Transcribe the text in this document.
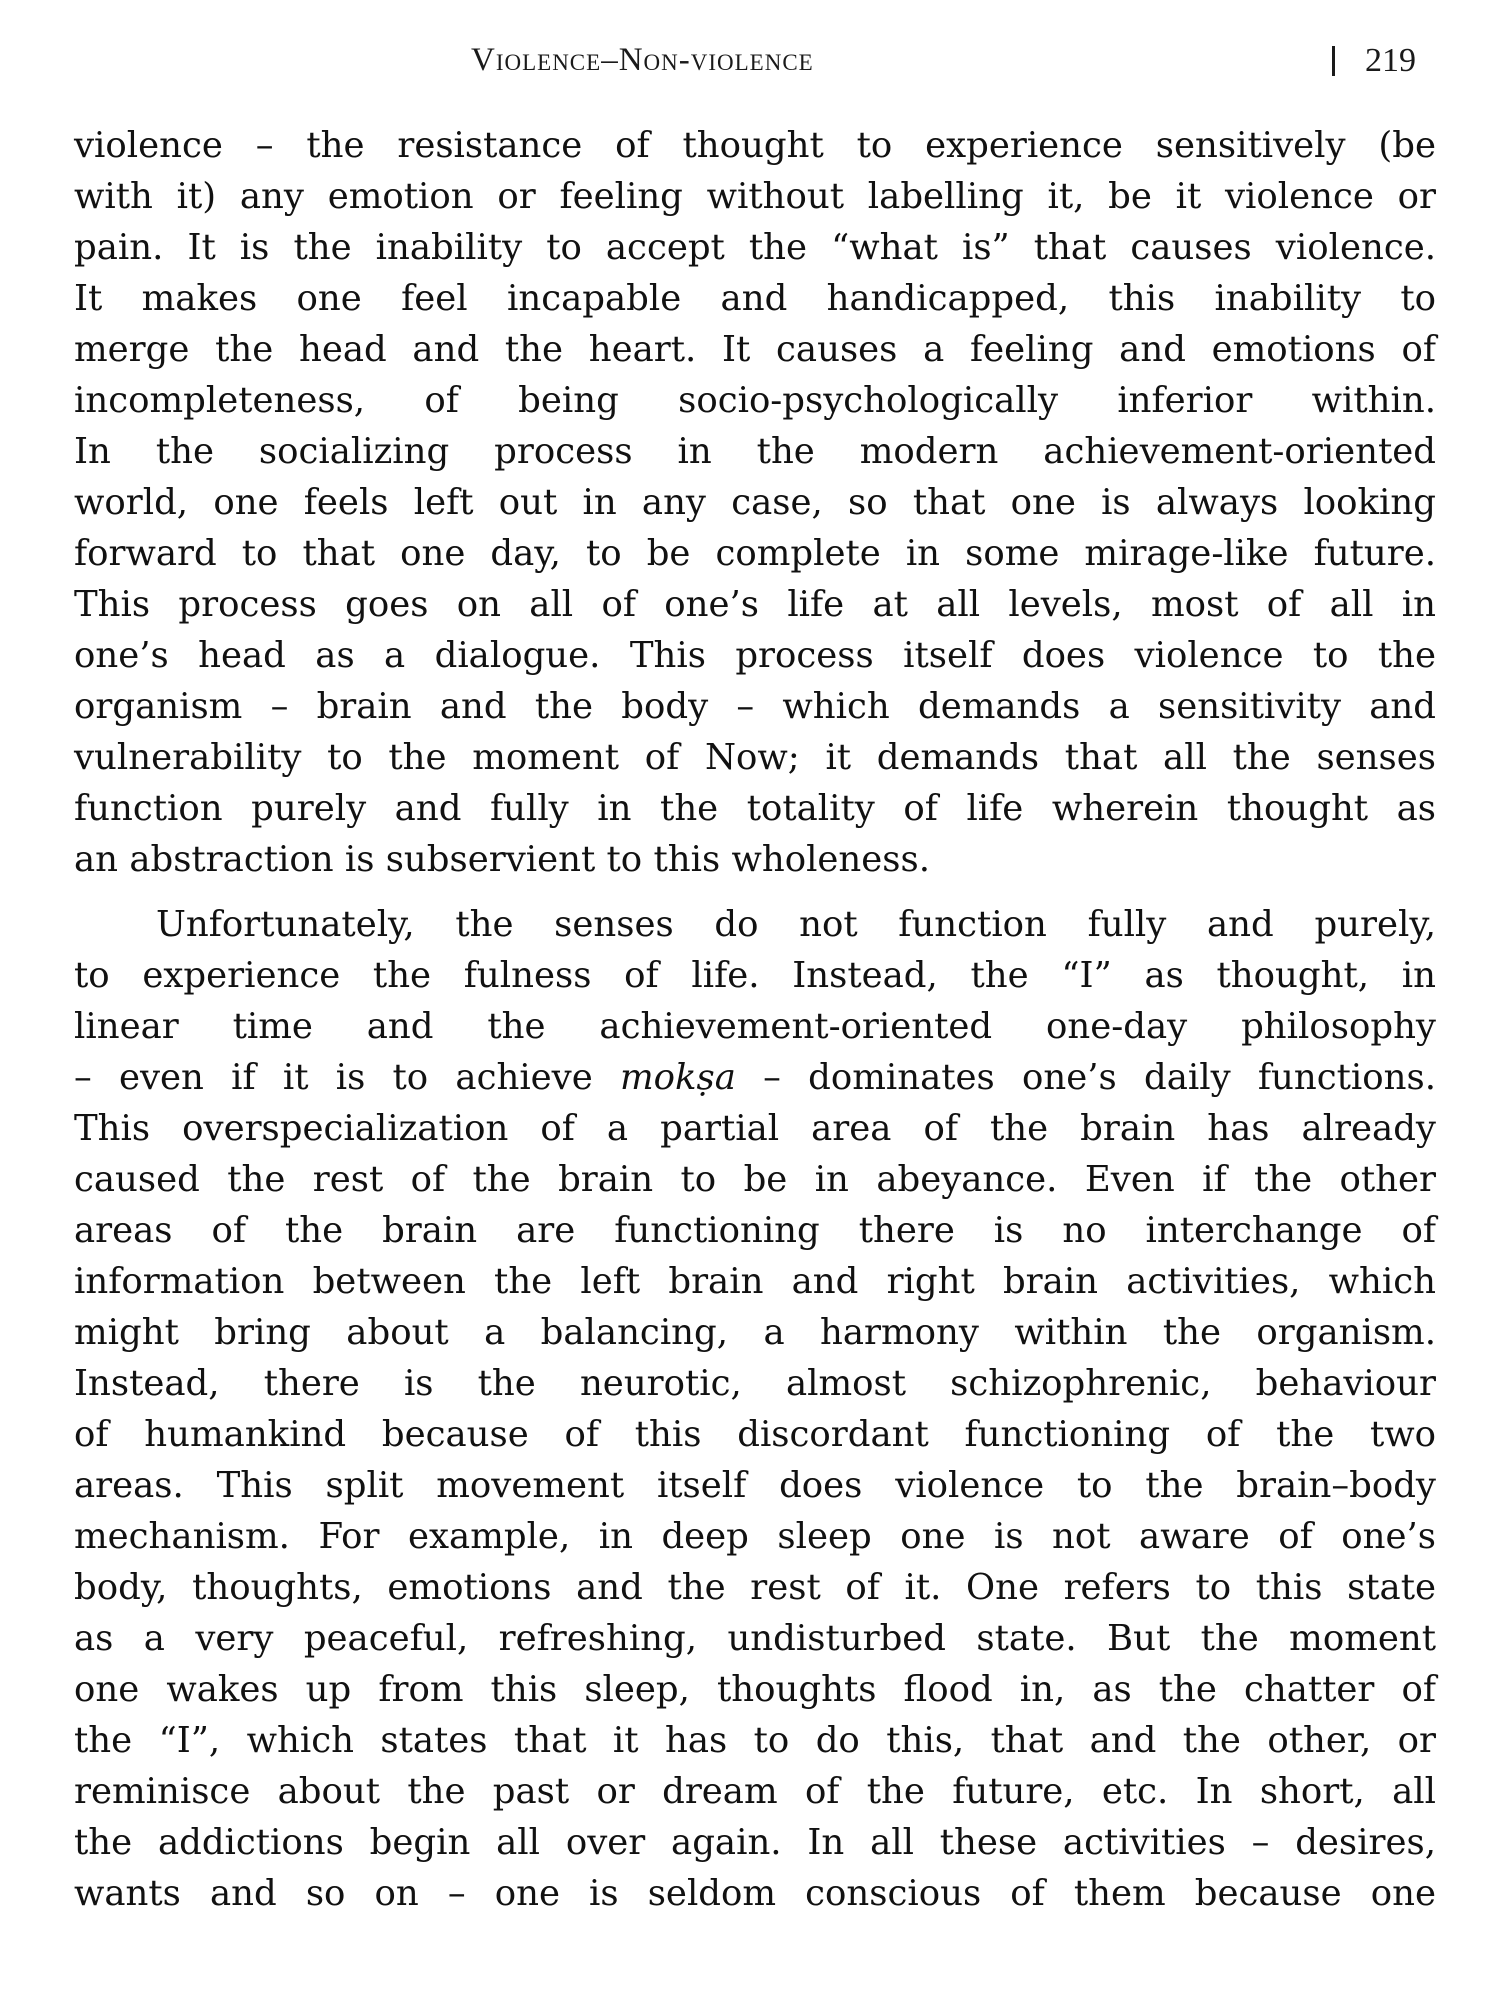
Violence–Non-violence	219
violence – the resistance of thought to experience sensitively (be
with it) any emotion or feeling without labelling it, be it violence or
pain. It is the inability to accept the “what is” that causes violence.
It makes one feel incapable and handicapped, this inability to
merge the head and the heart. It causes a feeling and emotions of
incompleteness, of being socio-psychologically inferior within.
In the socializing process in the modern achievement-oriented
world, one feels left out in any case, so that one is always looking
forward to that one day, to be complete in some mirage-like future.
This process goes on all of one’s life at all levels, most of all in
one’s head as a dialogue. This process itself does violence to the
organism – brain and the body – which demands a sensitivity and
vulnerability to the moment of Now; it demands that all the senses
function purely and fully in the totality of life wherein thought as
an abstraction is subservient to this wholeness.
Unfortunately, the senses do not function fully and purely,
to experience the fulness of life. Instead, the “I” as thought, in
linear time and the achievement-oriented one-day philosophy
– even if it is to achieve mokṣa – dominates one’s daily functions.
This overspecialization of a partial area of the brain has already
caused the rest of the brain to be in abeyance. Even if the other
areas of the brain are functioning there is no interchange of
information between the left brain and right brain activities, which
might bring about a balancing, a harmony within the organism.
Instead, there is the neurotic, almost schizophrenic, behaviour
of humankind because of this discordant functioning of the two
areas. This split movement itself does violence to the brain–body
mechanism. For example, in deep sleep one is not aware of one’s
body, thoughts, emotions and the rest of it. One refers to this state
as a very peaceful, refreshing, undisturbed state. But the moment
one wakes up from this sleep, thoughts flood in, as the chatter of
the “I”, which states that it has to do this, that and the other, or
reminisce about the past or dream of the future, etc. In short, all
the addictions begin all over again. In all these activities – desires,
wants and so on – one is seldom conscious of them because one
